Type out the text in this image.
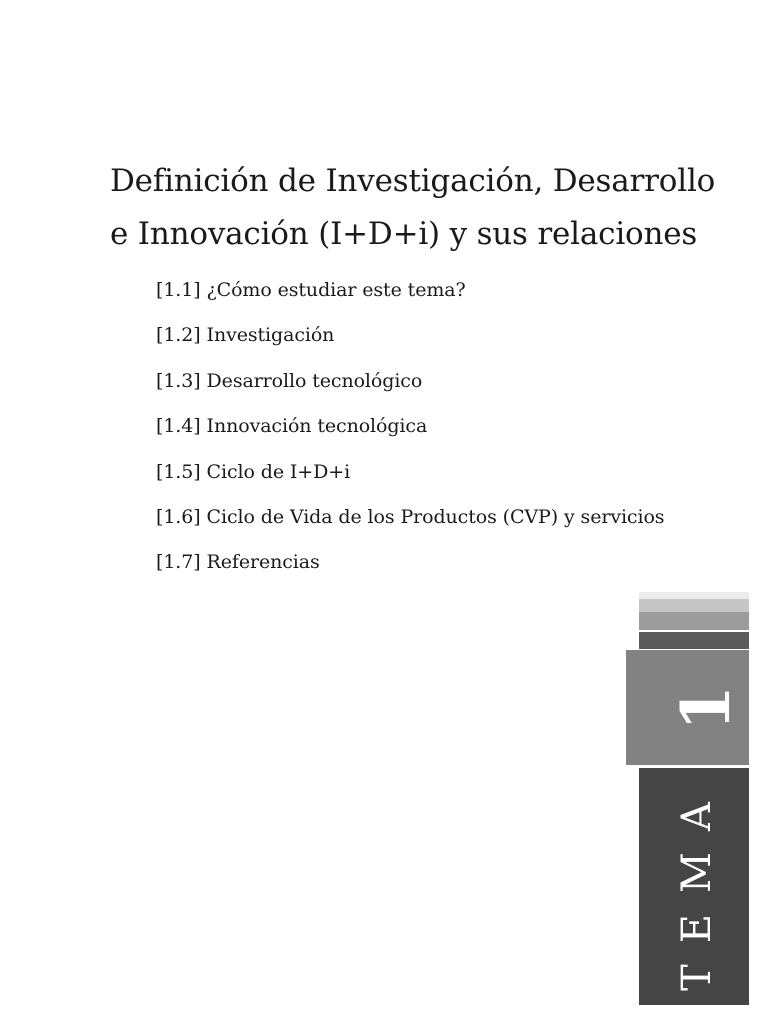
Definición de Investigación, Desarrollo e Innovación (I+D+i) y sus relaciones
[1.1] ¿Cómo estudiar este tema?
[1.2] Investigación
[1.3] Desarrollo tecnológico
[1.4] Innovación tecnológica
[1.5] Ciclo de I+D+i
[1.6] Ciclo de Vida de los Productos (CVP) y servicios
[1.7] Referencias
1
TEMA
